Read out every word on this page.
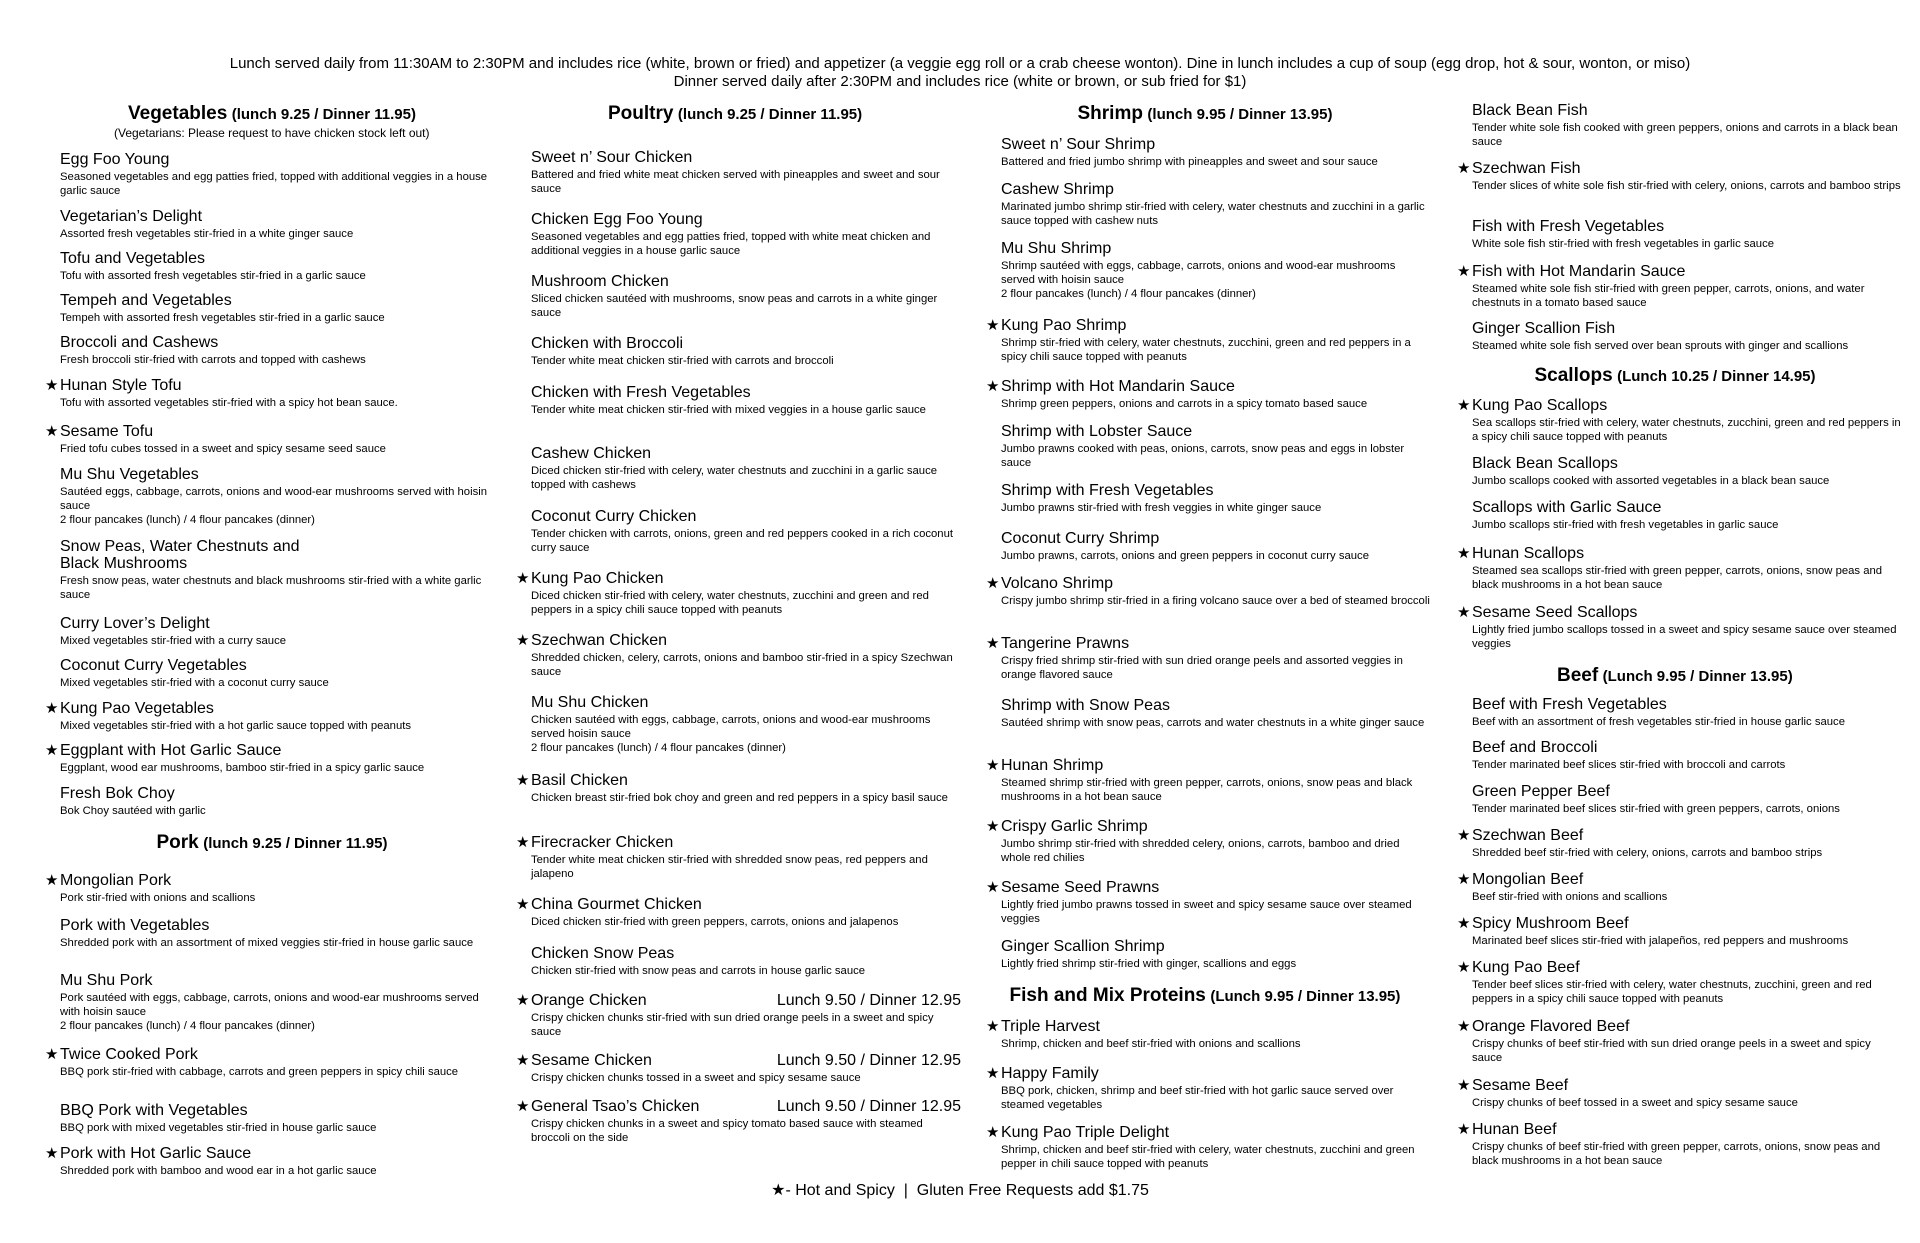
Lunch served daily from 11:30AM to 2:30PM and includes rice (white, brown or fried) and appetizer (a veggie egg roll or a crab cheese wonton). Dine in lunch includes a cup of soup (egg drop, hot & sour, wonton, or miso)
Dinner served daily after 2:30PM and includes rice (white or brown, or sub fried for $1)
Vegetables (lunch 9.25 / Dinner 11.95)
(Vegetarians: Please request to have chicken stock left out)
Egg Foo Young
Seasoned vegetables and egg patties fried, topped with additional veggies in a house garlic sauce
Vegetarian’s Delight
Assorted fresh vegetables stir-fried in a white ginger sauce
Tofu and Vegetables
Tofu with assorted fresh vegetables stir-fried in a garlic sauce
Tempeh and Vegetables
Tempeh with assorted fresh vegetables stir-fried in a garlic sauce
Broccoli and Cashews
Fresh broccoli stir-fried with carrots and topped with cashews
★ Hunan Style Tofu
Tofu with assorted vegetables stir-fried with a spicy hot bean sauce.
★ Sesame Tofu
Fried tofu cubes tossed in a sweet and spicy sesame seed sauce
Mu Shu Vegetables
Sautéed eggs, cabbage, carrots, onions and wood-ear mushrooms served with hoisin sauce
2 flour pancakes (lunch) / 4 flour pancakes (dinner)
Snow Peas, Water Chestnuts and
Black Mushrooms
Fresh snow peas, water chestnuts and black mushrooms stir-fried with a white garlic sauce
Curry Lover’s Delight
Mixed vegetables stir-fried with a curry sauce
Coconut Curry Vegetables
Mixed vegetables stir-fried with a coconut curry sauce
★ Kung Pao Vegetables
Mixed vegetables stir-fried with a hot garlic sauce topped with peanuts
★ Eggplant with Hot Garlic Sauce
Eggplant, wood ear mushrooms, bamboo stir-fried in a spicy garlic sauce
Fresh Bok Choy
Bok Choy sautéed with garlic
Pork (lunch 9.25 / Dinner 11.95)
★ Mongolian Pork
Pork stir-fried with onions and scallions
Pork with Vegetables
Shredded pork with an assortment of mixed veggies stir-fried in house garlic sauce
Mu Shu Pork
Pork sautéed with eggs, cabbage, carrots, onions and wood-ear mushrooms served with hoisin sauce
2 flour pancakes (lunch) / 4 flour pancakes (dinner)
★ Twice Cooked Pork
BBQ pork stir-fried with cabbage, carrots and green peppers in spicy chili sauce
BBQ Pork with Vegetables
BBQ pork with mixed vegetables stir-fried in house garlic sauce
★ Pork with Hot Garlic Sauce
Shredded pork with bamboo and wood ear in a hot garlic sauce
Poultry (lunch 9.25 / Dinner 11.95)
Sweet n’ Sour Chicken
Battered and fried white meat chicken served with pineapples and sweet and sour sauce
Chicken Egg Foo Young
Seasoned vegetables and egg patties fried, topped with white meat chicken and additional veggies in a house garlic sauce
Mushroom Chicken
Sliced chicken sautéed with mushrooms, snow peas and carrots in a white ginger sauce
Chicken with Broccoli
Tender white meat chicken stir-fried with carrots and broccoli
Chicken with Fresh Vegetables
Tender white meat chicken stir-fried with mixed veggies in a house garlic sauce
Cashew Chicken
Diced chicken stir-fried with celery, water chestnuts and zucchini in a garlic sauce topped with cashews
Coconut Curry Chicken
Tender chicken with carrots, onions, green and red peppers cooked in a rich coconut curry sauce
★ Kung Pao Chicken
Diced chicken stir-fried with celery, water chestnuts, zucchini and green and red peppers in a spicy chili sauce topped with peanuts
★ Szechwan Chicken
Shredded chicken, celery, carrots, onions and bamboo stir-fried in a spicy Szechwan sauce
Mu Shu Chicken
Chicken sautéed with eggs, cabbage, carrots, onions and wood-ear mushrooms served hoisin sauce
2 flour pancakes (lunch) / 4 flour pancakes (dinner)
★ Basil Chicken
Chicken breast stir-fried bok choy and green and red peppers in a spicy basil sauce
★ Firecracker Chicken
Tender white meat chicken stir-fried with shredded snow peas, red peppers and jalapeno
★ China Gourmet Chicken
Diced chicken stir-fried with green peppers, carrots, onions and jalapenos
Chicken Snow Peas
Chicken stir-fried with snow peas and carrots in house garlic sauce
★ Orange Chicken	Lunch 9.50 / Dinner 12.95
Crispy chicken chunks stir-fried with sun dried orange peels in a sweet and spicy sauce
★ Sesame Chicken	Lunch 9.50 / Dinner 12.95
Crispy chicken chunks tossed in a sweet and spicy sesame sauce
★ General Tsao’s Chicken	Lunch 9.50 / Dinner 12.95
Crispy chicken chunks in a sweet and spicy tomato based sauce with steamed broccoli on the side
Shrimp (lunch 9.95 / Dinner 13.95)
Sweet n’ Sour Shrimp
Battered and fried jumbo shrimp with pineapples and sweet and sour sauce
Cashew Shrimp
Marinated jumbo shrimp stir-fried with celery, water chestnuts and zucchini in a garlic sauce topped with cashew nuts
Mu Shu Shrimp
Shrimp sautéed with eggs, cabbage, carrots, onions and wood-ear mushrooms served with hoisin sauce
2 flour pancakes (lunch) / 4 flour pancakes (dinner)
★ Kung Pao Shrimp
Shrimp stir-fried with celery, water chestnuts, zucchini, green and red peppers in a spicy chili sauce topped with peanuts
★ Shrimp with Hot Mandarin Sauce
Shrimp green peppers, onions and carrots in a spicy tomato based sauce
Shrimp with Lobster Sauce
Jumbo prawns cooked with peas, onions, carrots, snow peas and eggs in lobster sauce
Shrimp with Fresh Vegetables
Jumbo prawns stir-fried with fresh veggies in white ginger sauce
Coconut Curry Shrimp
Jumbo prawns, carrots, onions and green peppers in coconut curry sauce
★ Volcano Shrimp
Crispy jumbo shrimp stir-fried in a firing volcano sauce over a bed of steamed broccoli
★ Tangerine Prawns
Crispy fried shrimp stir-fried with sun dried orange peels and assorted veggies in orange flavored sauce
Shrimp with Snow Peas
Sautéed shrimp with snow peas, carrots and water chestnuts in a white ginger sauce
★ Hunan Shrimp
Steamed shrimp stir-fried with green pepper, carrots, onions, snow peas and black mushrooms in a hot bean sauce
★ Crispy Garlic Shrimp
Jumbo shrimp stir-fried with shredded celery, onions, carrots, bamboo and dried whole red chilies
★ Sesame Seed Prawns
Lightly fried jumbo prawns tossed in sweet and spicy sesame sauce over steamed veggies
Ginger Scallion Shrimp
Lightly fried shrimp stir-fried with ginger, scallions and eggs
Fish and Mix Proteins (Lunch 9.95 / Dinner 13.95)
★ Triple Harvest
Shrimp, chicken and beef stir-fried with onions and scallions
★ Happy Family
BBQ pork, chicken, shrimp and beef stir-fried with hot garlic sauce served over steamed vegetables
★ Kung Pao Triple Delight
Shrimp, chicken and beef stir-fried with celery, water chestnuts, zucchini and green pepper in chili sauce topped with peanuts
Black Bean Fish
Tender white sole fish cooked with green peppers, onions and carrots in a black bean sauce
★ Szechwan Fish
Tender slices of white sole fish stir-fried with celery, onions, carrots and bamboo strips
Fish with Fresh Vegetables
White sole fish stir-fried with fresh vegetables in garlic sauce
★ Fish with Hot Mandarin Sauce
Steamed white sole fish stir-fried with green pepper, carrots, onions, and water chestnuts in a tomato based sauce
Ginger Scallion Fish
Steamed white sole fish served over bean sprouts with ginger and scallions
Scallops (Lunch 10.25 / Dinner 14.95)
★ Kung Pao Scallops
Sea scallops stir-fried with celery, water chestnuts, zucchini, green and red peppers in a spicy chili sauce topped with peanuts
Black Bean Scallops
Jumbo scallops cooked with assorted vegetables in a black bean sauce
Scallops with Garlic Sauce
Jumbo scallops stir-fried with fresh vegetables in garlic sauce
★ Hunan Scallops
Steamed sea scallops stir-fried with green pepper, carrots, onions, snow peas and black mushrooms in a hot bean sauce
★ Sesame Seed Scallops
Lightly fried jumbo scallops tossed in a sweet and spicy sesame sauce over steamed veggies
Beef (Lunch 9.95 / Dinner 13.95)
Beef with Fresh Vegetables
Beef with an assortment of fresh vegetables stir-fried in house garlic sauce
Beef and Broccoli
Tender marinated beef slices stir-fried with broccoli and carrots
Green Pepper Beef
Tender marinated beef slices stir-fried with green peppers, carrots, onions
★ Szechwan Beef
Shredded beef stir-fried with celery, onions, carrots and bamboo strips
★ Mongolian Beef
Beef stir-fried with onions and scallions
★ Spicy Mushroom Beef
Marinated beef slices stir-fried with jalapeños, red peppers and mushrooms
★ Kung Pao Beef
Tender beef slices stir-fried with celery, water chestnuts, zucchini, green and red peppers in a spicy chili sauce topped with peanuts
★ Orange Flavored Beef
Crispy chunks of beef stir-fried with sun dried orange peels in a sweet and spicy sauce
★ Sesame Beef
Crispy chunks of beef tossed in a sweet and spicy sesame sauce
★ Hunan Beef
Crispy chunks of beef stir-fried with green pepper, carrots, onions, snow peas and black mushrooms in a hot bean sauce
★- Hot and Spicy  |  Gluten Free Requests add $1.75
